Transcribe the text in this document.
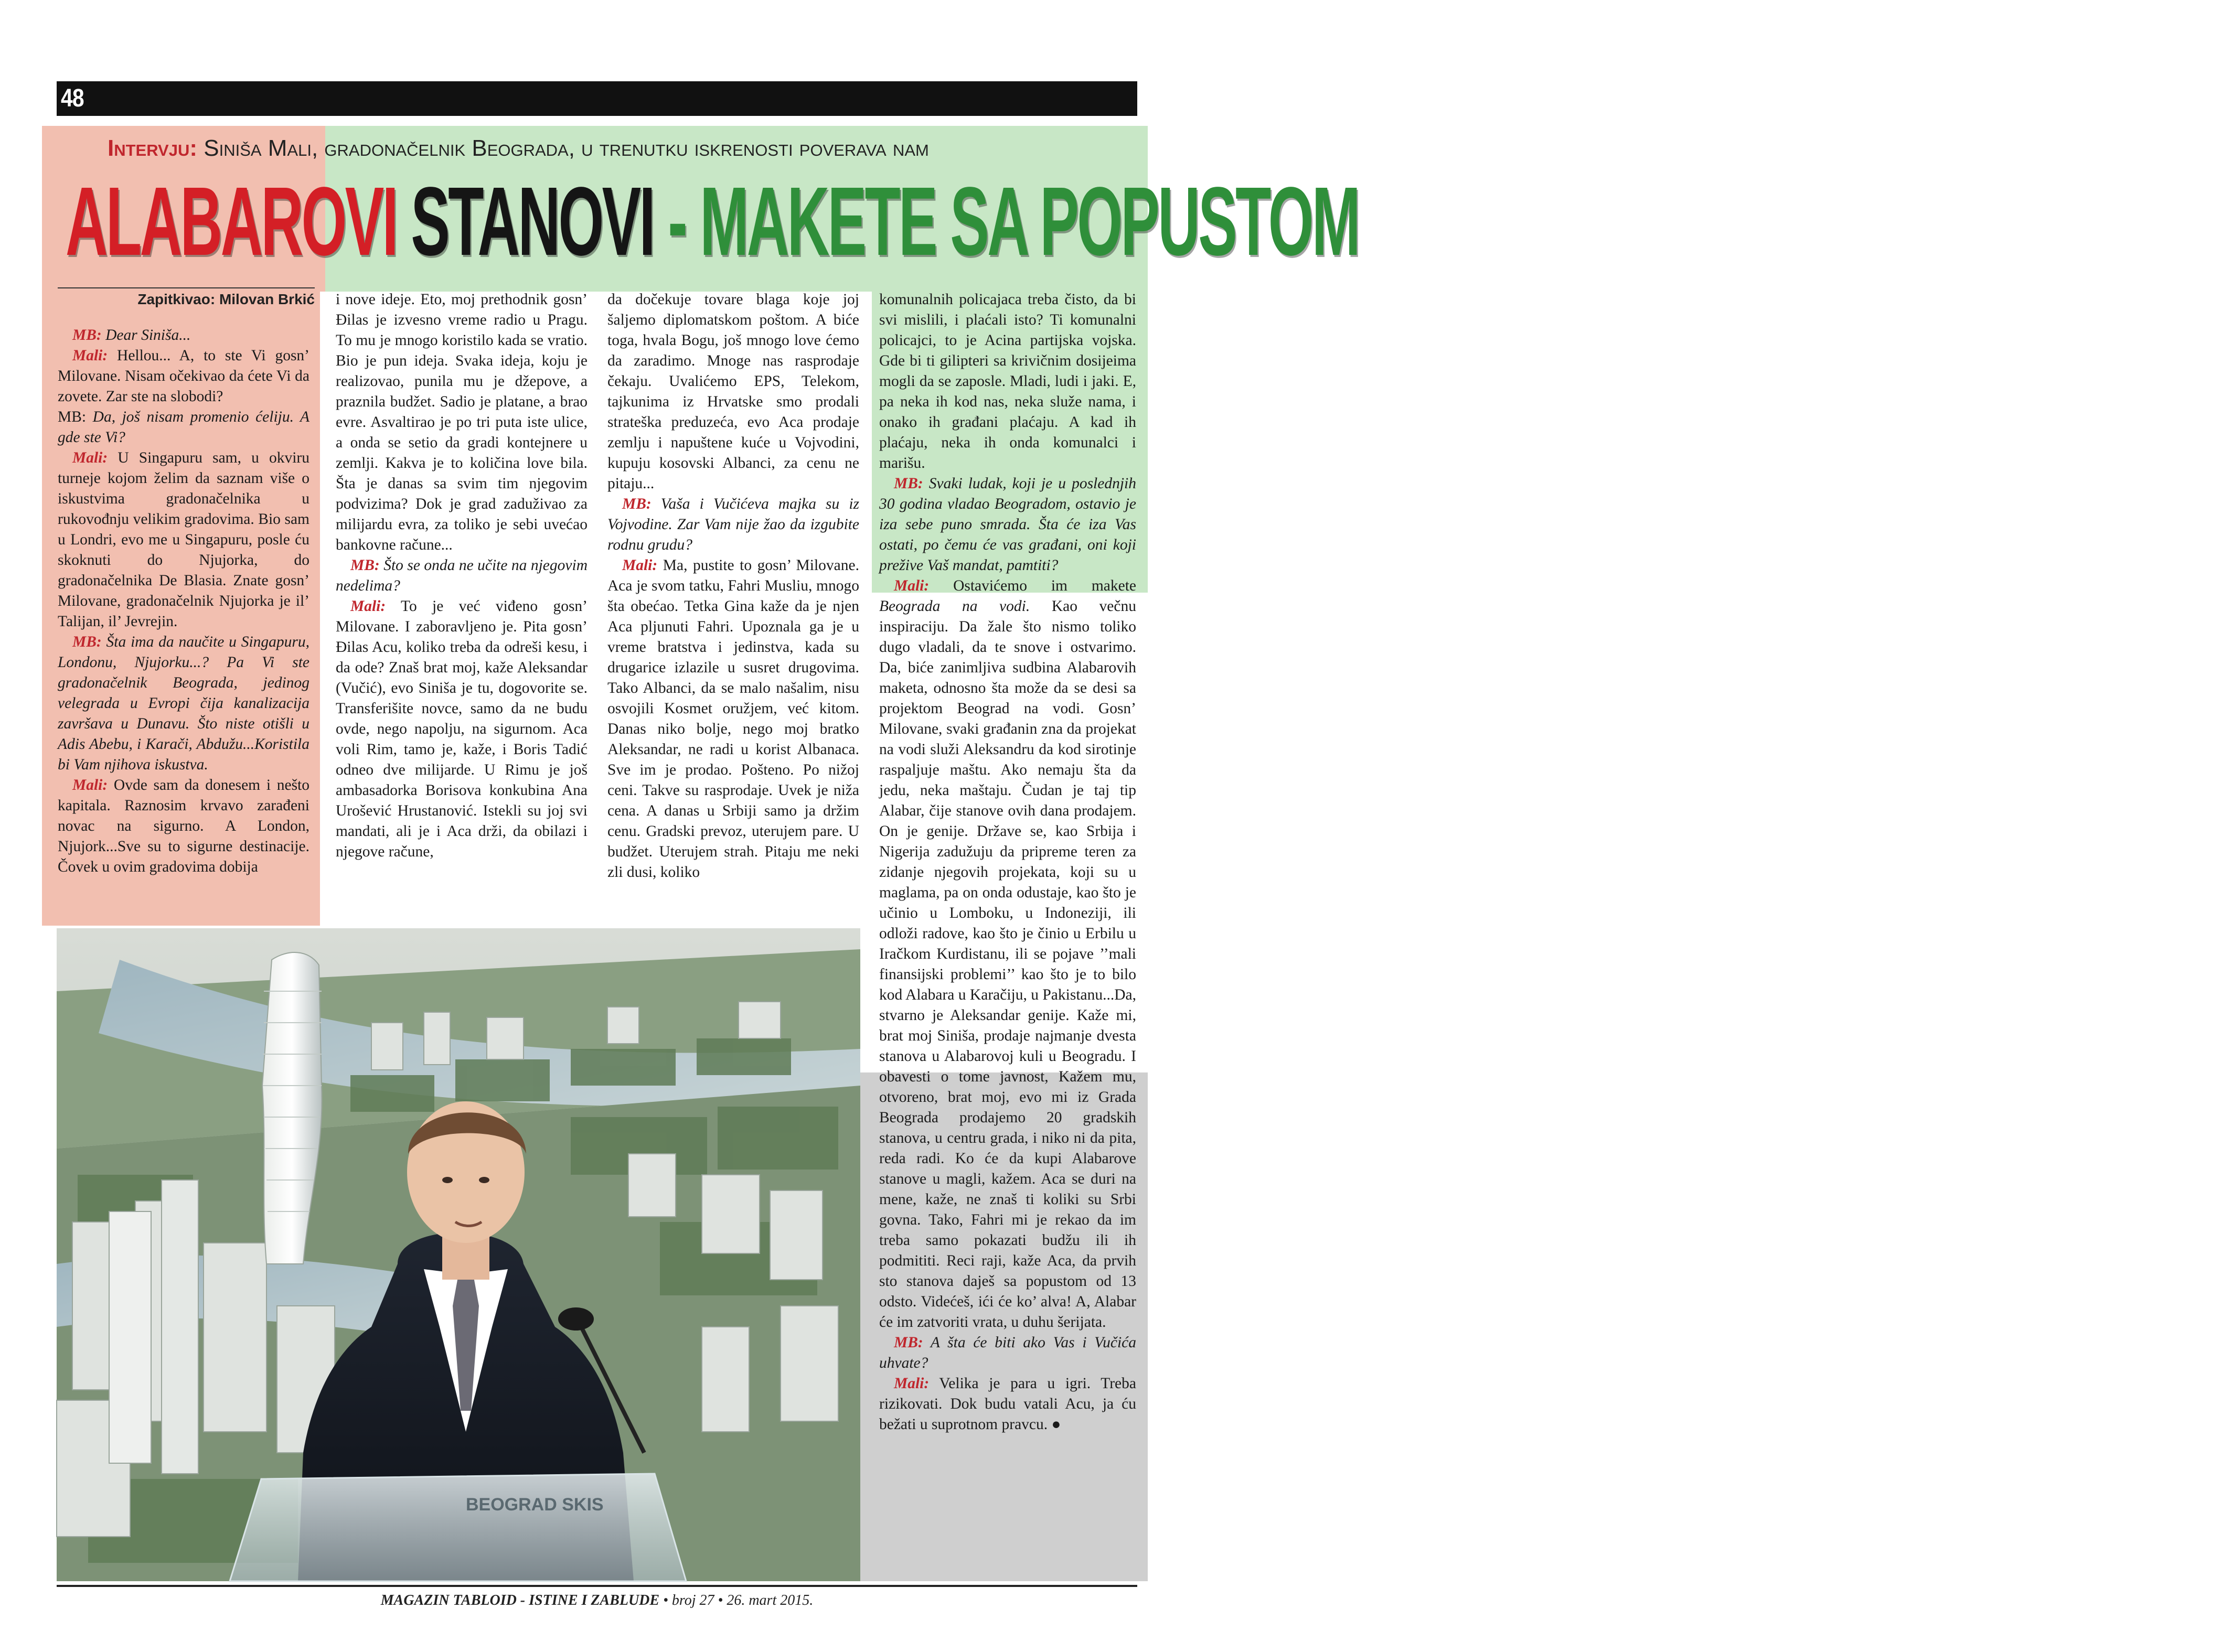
48
Intervju: Siniša Mali, gradonačelnik Beograda, u trenutku iskrenosti poverava nam
ALABAROVI STANOVI - MAKETE SA POPUSTOM
Zapitkivao: Milovan Brkić

MB: Dear Siniša...

Mali: Hellou... A, to ste Vi gosn’ Milovane. Nisam očekivao da ćete Vi da zovete. Zar ste na slobodi?

MB: Da, još nisam promenio ćeliju. A gde ste Vi?

Mali: U Singapuru sam, u okviru turneje kojom želim da saznam više o iskustvima gradonačelnika u rukovođnju velikim gradovima. Bio sam u Londri, evo me u Singapuru, posle ću skoknuti do Njujorka, do gradonačelnika De Blasia. Znate gosn’ Milovane, gradonačelnik Njujorka je il’ Talijan, il’ Jevrejin.

MB: Šta ima da naučite u Singapuru, Londonu, Njujorku...? Pa Vi ste gradonačelnik Beograda, jedinog velegrada u Evropi čija kanalizacija završava u Dunavu. Što niste otišli u Adis Abebu, i Karači, Abdužu...Koristila bi Vam njihova iskustva.

Mali: Ovde sam da donesem i nešto kapitala. Raznosim krvavo zarađeni novac na sigurno. A London, Njujork...Sve su to sigurne destinacije. Čovek u ovim gradovima dobija

i nove ideje. Eto, moj prethodnik gosn’ Đilas je izvesno vreme radio u Pragu. To mu je mnogo koristilo kada se vratio. Bio je pun ideja. Svaka ideja, koju je realizovao, punila mu je džepove, a praznila budžet. Sadio je platane, a brao evre. Asvaltirao je po tri puta iste ulice, a onda se setio da gradi kontejnere u zemlji. Kakva je to količina love bila. Šta je danas sa svim tim njegovim podvizima? Dok je grad zaduživao za milijardu evra, za toliko je sebi uvećao bankovne račune...

MB: Što se onda ne učite na njegovim nedelima?

Mali: To je već viđeno gosn’ Milovane. I zaboravljeno je. Pita gosn’ Đilas Acu, koliko treba da odreši kesu, i da ode? Znaš brat moj, kaže Aleksandar (Vučić), evo Siniša je tu, dogovorite se. Transferišite novce, samo da ne budu ovde, nego napolju, na sigurnom. Aca voli Rim, tamo je, kaže, i Boris Tadić odneo dve milijarde. U Rimu je još ambasadorka Borisova konkubina Ana Urošević Hrustanović. Istekli su joj svi mandati, ali je i Aca drži, da obilazi i njegove račune,

da dočekuje tovare blaga koje joj šaljemo diplomatskom poštom. A biće toga, hvala Bogu, još mnogo love ćemo da zaradimo. Mnoge nas rasprodaje čekaju. Uvalićemo EPS, Telekom, tajkunima iz Hrvatske smo prodali strateška preduzeća, evo Aca prodaje zemlju i napuštene kuće u Vojvodini, kupuju kosovski Albanci, za cenu ne pitaju...

MB: Vaša i Vučićeva majka su iz Vojvodine. Zar Vam nije žao da izgubite rodnu grudu?

Mali: Ma, pustite to gosn’ Milovane. Aca je svom tatku, Fahri Musliu, mnogo šta obećao. Tetka Gina kaže da je njen Aca pljunuti Fahri. Upoznala ga je u vreme bratstva i jedinstva, kada su drugarice izlazile u susret drugovima. Tako Albanci, da se malo našalim, nisu osvojili Kosmet oružjem, već kitom. Danas niko bolje, nego moj bratko Aleksandar, ne radi u korist Albanaca. Sve im je prodao. Pošteno. Po nižoj ceni. Takve su rasprodaje. Uvek je niža cena. A danas u Srbiji samo ja držim cenu. Gradski prevoz, uterujem pare. U budžet. Uterujem strah. Pitaju me neki zli dusi, koliko

komunalnih policajaca treba čisto, da bi svi mislili, i plaćali isto? Ti komunalni policajci, to je Acina partijska vojska. Gde bi ti gilipteri sa krivičnim dosijeima mogli da se zaposle. Mladi, ludi i jaki. E, pa neka ih kod nas, neka služe nama, i onako ih građani plaćaju. A kad ih plaćaju, neka ih onda komunalci i marišu.

MB: Svaki ludak, koji je u poslednjih 30 godina vladao Beogradom, ostavio je iza sebe puno smrada. Šta će iza Vas ostati, po čemu će vas građani, oni koji prežive Vaš mandat, pamtiti?

Mali: Ostavićemo im makete Beograda na vodi. Kao večnu inspiraciju. Da žale što nismo toliko dugo vladali, da te snove i ostvarimo. Da, biće zanimljiva sudbina Alabarovih maketa, odnosno šta može da se desi sa projektom Beograd na vodi. Gosn’ Milovane, svaki građanin zna da projekat na vodi služi Aleksandru da kod sirotinje raspaljuje maštu. Ako nemaju šta da jedu, neka maštaju. Čudan je taj tip Alabar, čije stanove ovih dana prodajem. On je genije. Države se, kao Srbija i Nigerija zadužuju da pripreme teren za zidanje njegovih projekata, koji su u maglama, pa on onda odustaje, kao što je učinio u Lomboku, u Indoneziji, ili odloži radove, kao što je činio u Erbilu u Iračkom Kurdistanu, ili se pojave ’’mali finansijski problemi’’ kao što je to bilo kod Alabara u Karačiju, u Pakistanu...Da, stvarno je Aleksandar genije. Kaže mi, brat moj Siniša, prodaje najmanje dvesta stanova u Alabarovoj kuli u Beogradu. I obavesti o tome javnost, Kažem mu, otvoreno, brat moj, evo mi iz Grada Beograda prodajemo 20 gradskih stanova, u centru grada, i niko ni da pita, reda radi. Ko će da kupi Alabarove stanove u magli, kažem. Aca se duri na mene, kaže, ne znaš ti koliki su Srbi govna. Tako, Fahri mi je rekao da im treba samo pokazati budžu ili ih podmititi. Reci raji, kaže Aca, da prvih sto stanova daješ sa popustom od 13 odsto. Videćeš, ići će ko’ alva! A, Alabar će im zatvoriti vrata, u duhu šerijata.

MB: A šta će biti ako Vas i Vučića uhvate?

Mali: Velika je para u igri. Treba rizikovati. Dok budu vatali Acu, ja ću bežati u suprotnom pravcu. ●

BEOGRAD SKIS
MAGAZIN TABLOID - ISTINE I ZABLUDE • broj 27 • 26. mart 2015.
